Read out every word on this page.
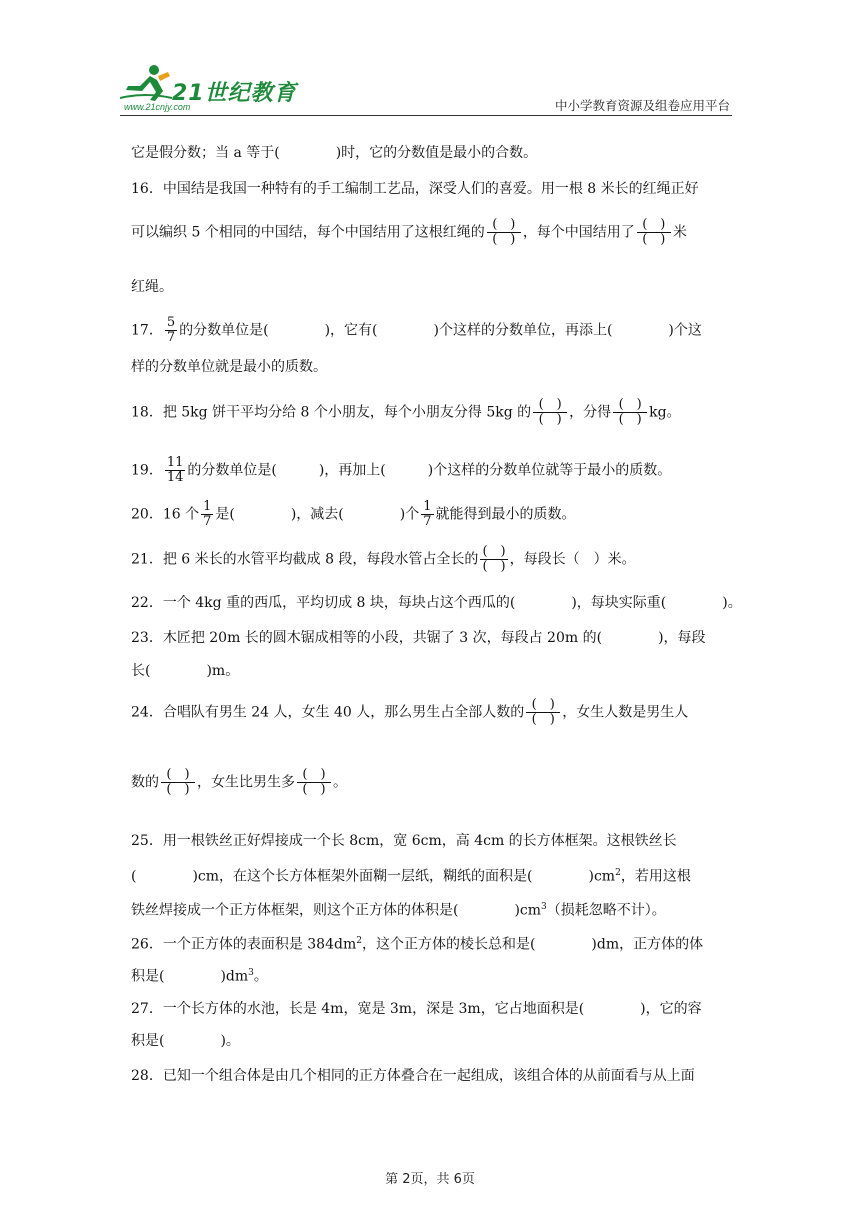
21世纪教育
www.21cnjy.com	中小学教育资源及组卷应用平台
它是假分数；当 a 等于(　　　　)时，它的分数值是最小的合数。
16．中国结是我国一种特有的手工编制工艺品，深受人们的喜爱。用一根 8 米长的红绳正好
可以编织 5 个相同的中国结，每个中国结用了这根红绳的 $\frac{( )}{( )}$ ，每个中国结用了 $\frac{( )}{( )}$ 米
红绳。
17． $\frac{5}{7}$ 的分数单位是(　　　　)，它有(　　　　)个这样的分数单位，再添上(　　　　)个这
样的分数单位就是最小的质数。
18．把 5kg 饼干平均分给 8 个小朋友，每个小朋友分得 5kg 的 $\frac{( )}{( )}$ ，分得 $\frac{( )}{( )}$ kg。
19． $\frac{11}{14}$ 的分数单位是(　　　)，再加上(　　　)个这样的分数单位就等于最小的质数。
20．16 个 $\frac{1}{7}$ 是(　　　　)，减去(　　　　)个 $\frac{1}{7}$ 就能得到最小的质数。
21．把 6 米长的水管平均截成 8 段，每段水管占全长的 $\frac{( )}{( )}$ ，每段长（　）米。
22．一个 4kg 重的西瓜，平均切成 8 块，每块占这个西瓜的(　　　　)，每块实际重(　　　　)。
23．木匠把 20m 长的圆木锯成相等的小段，共锯了 3 次，每段占 20m 的(　　　　)，每段
长(　　　　)m。
24．合唱队有男生 24 人，女生 40 人，那么男生占全部人数的 $\frac{( )}{( )}$ ，女生人数是男生人
数的 $\frac{( )}{( )}$ ，女生比男生多 $\frac{( )}{( )}$ 。
25．用一根铁丝正好焊接成一个长 8cm，宽 6cm，高 4cm 的长方体框架。这根铁丝长
(　　　　)cm，在这个长方体框架外面糊一层纸，糊纸的面积是(　　　　)$cm^2$，若用这根
铁丝焊接成一个正方体框架，则这个正方体的体积是(　　　　)$cm^3$（损耗忽略不计）。
26．一个正方体的表面积是 $384dm^2$，这个正方体的棱长总和是(　　　　)dm，正方体的体
积是(　　　　)$dm^3$。
27．一个长方体的水池，长是 4m，宽是 3m，深是 3m，它占地面积是(　　　　)，它的容
积是(　　　　)。
28．已知一个组合体是由几个相同的正方体叠合在一起组成，该组合体的从前面看与从上面
第 2页，共 6页
